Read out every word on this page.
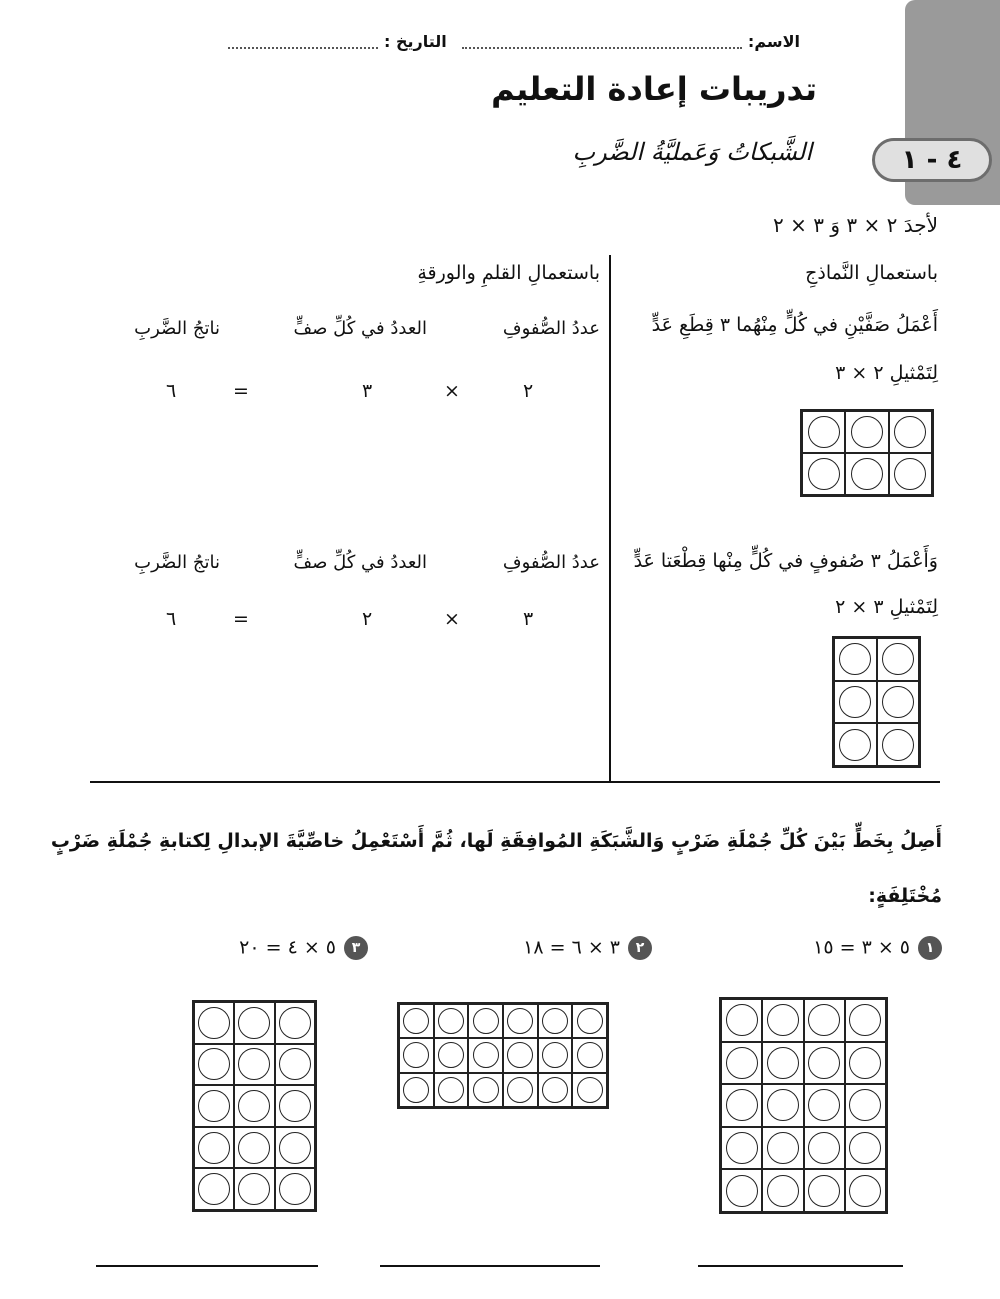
٤ - ١
الاسم:  التاريخ :
تدريبات إعادة التعليم
الشَّبكاتُ وَعَمليَّةُ الضَّربِ
لأجدَ ٢ × ٣ وَ ٣ × ٢
باستعمالِ النَّماذجِ
باستعمالِ القلمِ والورقةِ
أَعْمَلُ صَفَّيْنِ في كُلٍّ مِنْهُما ٣ قِطَعِ عَدٍّ
لِتَمْثيلِ ٢ × ٣
عددُ الصُّفوفِ
العددُ في كُلِّ صفٍّ
ناتجُ الضَّربِ
٢
×
٣
=
٦
وَأَعْمَلُ ٣ صُفوفٍ في كُلٍّ مِنْها قِطْعَتا عَدٍّ
لِتَمْثيلِ ٣ × ٢
عددُ الصُّفوفِ
العددُ في كُلِّ صفٍّ
ناتجُ الضَّربِ
٣
×
٢
=
٦
أَصِلُ بِخَطٍّ بَيْنَ كُلِّ جُمْلَةِ ضَرْبٍ وَالشَّبَكَةِ المُوافِقَةِ لَها، ثُمَّ أَسْتَعْمِلُ خاصِّيَّةَ الإبدالِ لِكتابةِ جُمْلَةِ ضَرْبٍ
مُخْتَلِفَةٍ:
١٥ × ٣ = ١٥
٢٣ × ٦ = ١٨
٣٥ × ٤ = ٢٠
